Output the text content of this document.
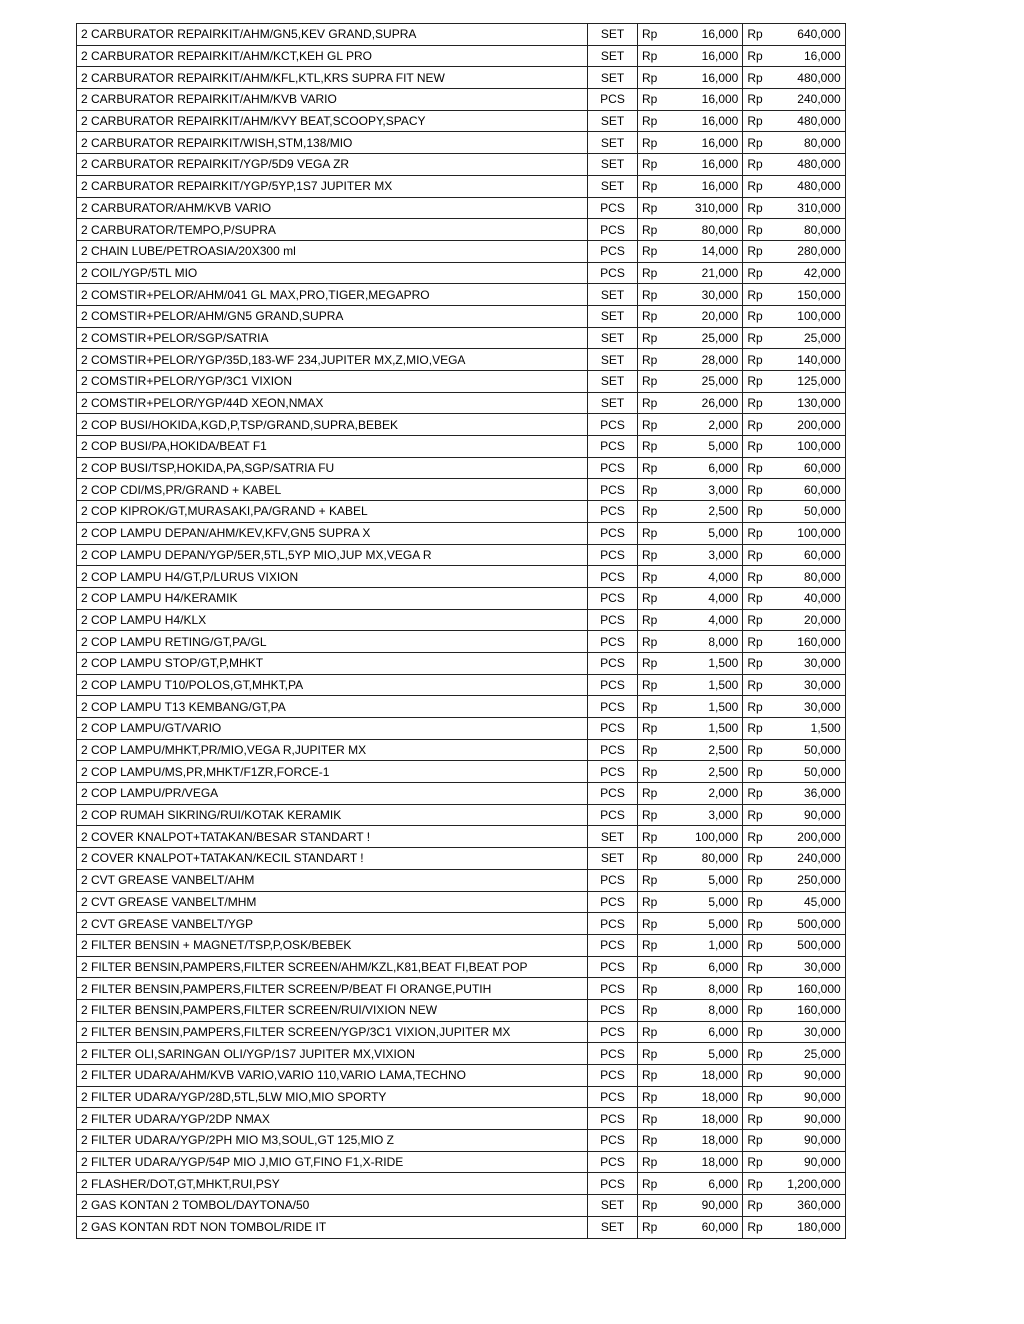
2 CARBURATOR REPAIRKIT/AHM/GN5,KEV GRAND,SUPRA	SET	Rp	16,000	Rp	640,000
2 CARBURATOR REPAIRKIT/AHM/KCT,KEH GL PRO	SET	Rp	16,000	Rp	16,000
2 CARBURATOR REPAIRKIT/AHM/KFL,KTL,KRS SUPRA FIT NEW	SET	Rp	16,000	Rp	480,000
2 CARBURATOR REPAIRKIT/AHM/KVB VARIO	PCS	Rp	16,000	Rp	240,000
2 CARBURATOR REPAIRKIT/AHM/KVY BEAT,SCOOPY,SPACY	SET	Rp	16,000	Rp	480,000
2 CARBURATOR REPAIRKIT/WISH,STM,138/MIO	SET	Rp	16,000	Rp	80,000
2 CARBURATOR REPAIRKIT/YGP/5D9 VEGA ZR	SET	Rp	16,000	Rp	480,000
2 CARBURATOR REPAIRKIT/YGP/5YP,1S7 JUPITER MX	SET	Rp	16,000	Rp	480,000
2 CARBURATOR/AHM/KVB VARIO	PCS	Rp	310,000	Rp	310,000
2 CARBURATOR/TEMPO,P/SUPRA	PCS	Rp	80,000	Rp	80,000
2 CHAIN LUBE/PETROASIA/20X300 ml	PCS	Rp	14,000	Rp	280,000
2 COIL/YGP/5TL MIO	PCS	Rp	21,000	Rp	42,000
2 COMSTIR+PELOR/AHM/041 GL MAX,PRO,TIGER,MEGAPRO	SET	Rp	30,000	Rp	150,000
2 COMSTIR+PELOR/AHM/GN5 GRAND,SUPRA	SET	Rp	20,000	Rp	100,000
2 COMSTIR+PELOR/SGP/SATRIA	SET	Rp	25,000	Rp	25,000
2 COMSTIR+PELOR/YGP/35D,183-WF 234,JUPITER MX,Z,MIO,VEGA	SET	Rp	28,000	Rp	140,000
2 COMSTIR+PELOR/YGP/3C1 VIXION	SET	Rp	25,000	Rp	125,000
2 COMSTIR+PELOR/YGP/44D XEON,NMAX	SET	Rp	26,000	Rp	130,000
2 COP BUSI/HOKIDA,KGD,P,TSP/GRAND,SUPRA,BEBEK	PCS	Rp	2,000	Rp	200,000
2 COP BUSI/PA,HOKIDA/BEAT F1	PCS	Rp	5,000	Rp	100,000
2 COP BUSI/TSP,HOKIDA,PA,SGP/SATRIA FU	PCS	Rp	6,000	Rp	60,000
2 COP CDI/MS,PR/GRAND + KABEL	PCS	Rp	3,000	Rp	60,000
2 COP KIPROK/GT,MURASAKI,PA/GRAND + KABEL	PCS	Rp	2,500	Rp	50,000
2 COP LAMPU DEPAN/AHM/KEV,KFV,GN5 SUPRA X	PCS	Rp	5,000	Rp	100,000
2 COP LAMPU DEPAN/YGP/5ER,5TL,5YP MIO,JUP MX,VEGA R	PCS	Rp	3,000	Rp	60,000
2 COP LAMPU H4/GT,P/LURUS VIXION	PCS	Rp	4,000	Rp	80,000
2 COP LAMPU H4/KERAMIK	PCS	Rp	4,000	Rp	40,000
2 COP LAMPU H4/KLX	PCS	Rp	4,000	Rp	20,000
2 COP LAMPU RETING/GT,PA/GL	PCS	Rp	8,000	Rp	160,000
2 COP LAMPU STOP/GT,P,MHKT	PCS	Rp	1,500	Rp	30,000
2 COP LAMPU T10/POLOS,GT,MHKT,PA	PCS	Rp	1,500	Rp	30,000
2 COP LAMPU T13 KEMBANG/GT,PA	PCS	Rp	1,500	Rp	30,000
2 COP LAMPU/GT/VARIO	PCS	Rp	1,500	Rp	1,500
2 COP LAMPU/MHKT,PR/MIO,VEGA R,JUPITER MX	PCS	Rp	2,500	Rp	50,000
2 COP LAMPU/MS,PR,MHKT/F1ZR,FORCE-1	PCS	Rp	2,500	Rp	50,000
2 COP LAMPU/PR/VEGA	PCS	Rp	2,000	Rp	36,000
2 COP RUMAH SIKRING/RUI/KOTAK KERAMIK	PCS	Rp	3,000	Rp	90,000
2 COVER KNALPOT+TATAKAN/BESAR STANDART !	SET	Rp	100,000	Rp	200,000
2 COVER KNALPOT+TATAKAN/KECIL STANDART !	SET	Rp	80,000	Rp	240,000
2 CVT GREASE VANBELT/AHM	PCS	Rp	5,000	Rp	250,000
2 CVT GREASE VANBELT/MHM	PCS	Rp	5,000	Rp	45,000
2 CVT GREASE VANBELT/YGP	PCS	Rp	5,000	Rp	500,000
2 FILTER BENSIN + MAGNET/TSP,P,OSK/BEBEK	PCS	Rp	1,000	Rp	500,000
2 FILTER BENSIN,PAMPERS,FILTER SCREEN/AHM/KZL,K81,BEAT FI,BEAT POP	PCS	Rp	6,000	Rp	30,000
2 FILTER BENSIN,PAMPERS,FILTER SCREEN/P/BEAT FI ORANGE,PUTIH	PCS	Rp	8,000	Rp	160,000
2 FILTER BENSIN,PAMPERS,FILTER SCREEN/RUI/VIXION NEW	PCS	Rp	8,000	Rp	160,000
2 FILTER BENSIN,PAMPERS,FILTER SCREEN/YGP/3C1 VIXION,JUPITER MX	PCS	Rp	6,000	Rp	30,000
2 FILTER OLI,SARINGAN OLI/YGP/1S7 JUPITER MX,VIXION	PCS	Rp	5,000	Rp	25,000
2 FILTER UDARA/AHM/KVB VARIO,VARIO 110,VARIO LAMA,TECHNO	PCS	Rp	18,000	Rp	90,000
2 FILTER UDARA/YGP/28D,5TL,5LW MIO,MIO SPORTY	PCS	Rp	18,000	Rp	90,000
2 FILTER UDARA/YGP/2DP NMAX	PCS	Rp	18,000	Rp	90,000
2 FILTER UDARA/YGP/2PH MIO M3,SOUL,GT 125,MIO Z	PCS	Rp	18,000	Rp	90,000
2 FILTER UDARA/YGP/54P MIO J,MIO GT,FINO F1,X-RIDE	PCS	Rp	18,000	Rp	90,000
2 FLASHER/DOT,GT,MHKT,RUI,PSY	PCS	Rp	6,000	Rp	1,200,000
2 GAS KONTAN 2 TOMBOL/DAYTONA/50	SET	Rp	90,000	Rp	360,000
2 GAS KONTAN RDT NON TOMBOL/RIDE IT	SET	Rp	60,000	Rp	180,000
